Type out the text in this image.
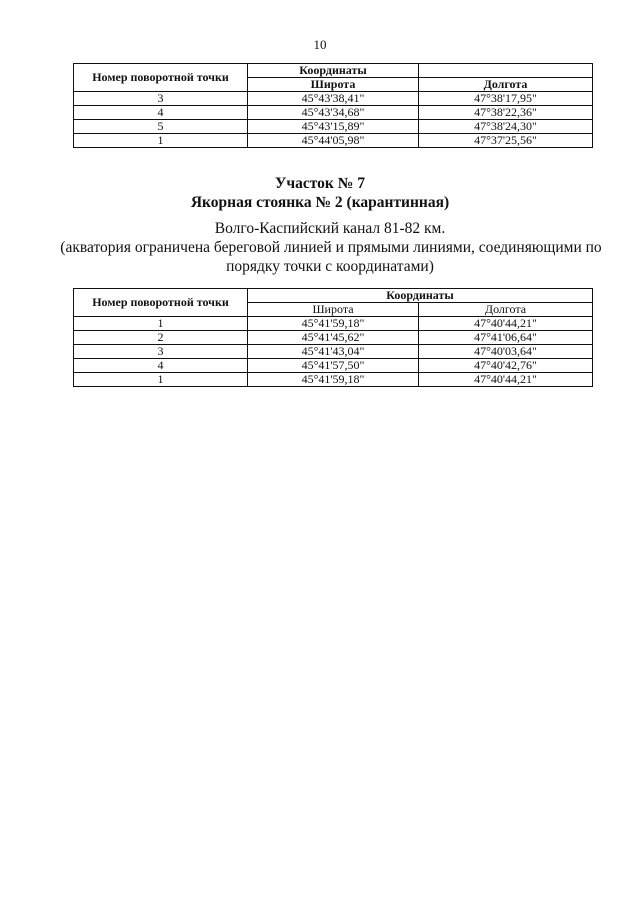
10
Номер поворотной точки	Координаты	
	Широта	Долгота
3	45°43'38,41"	47°38'17,95"
4	45°43'34,68"	47°38'22,36"
5	45°43'15,89"	47°38'24,30"
1	45°44'05,98"	47°37'25,56"
Участок № 7
Якорная стоянка № 2 (карантинная)
Волго-Каспийский канал 81-82 км.
(акватория ограничена береговой линией и прямыми линиями, соединяющими по
порядку точки с координатами)
Номер поворотной точки	Координаты	
	Широта	Долгота
1	45°41'59,18"	47°40'44,21"
2	45°41'45,62"	47°41'06,64"
3	45°41'43,04"	47°40'03,64"
4	45°41'57,50"	47°40'42,76"
1	45°41'59,18"	47°40'44,21"
